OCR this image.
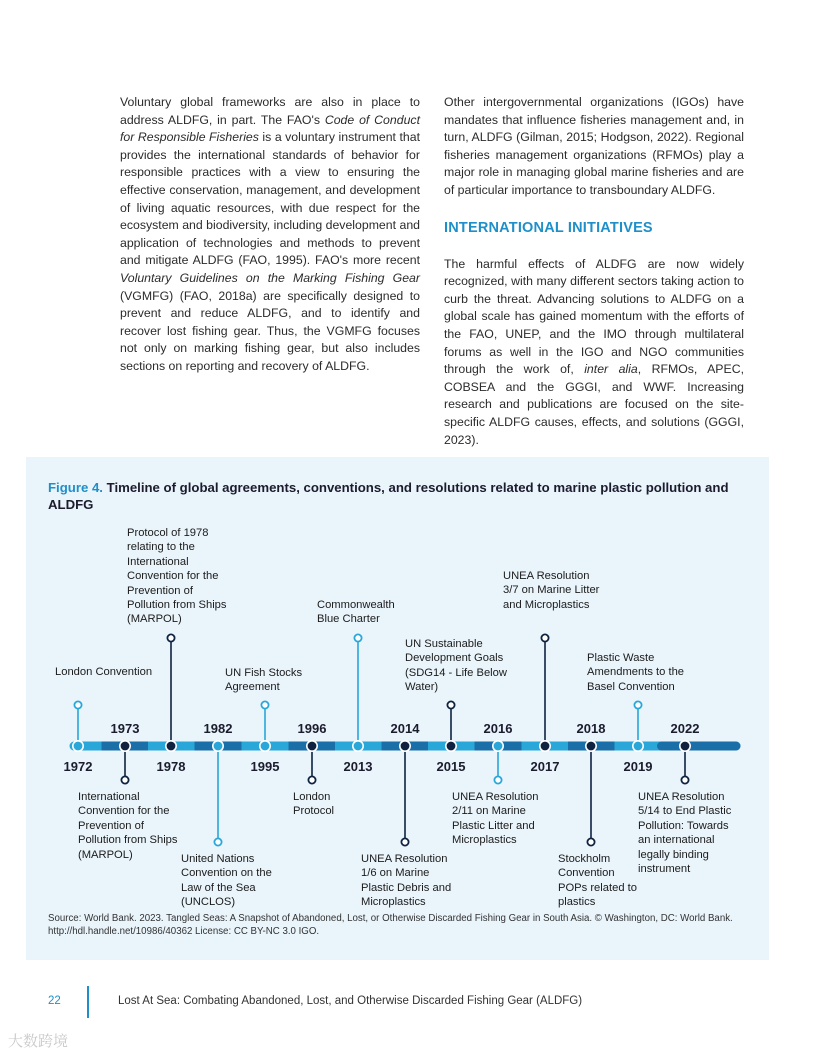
Voluntary global frameworks are also in place to address ALDFG, in part. The FAO's Code of Conduct for Responsible Fisheries is a voluntary instrument that provides the international standards of behavior for responsible practices with a view to ensuring the effective conservation, management, and development of living aquatic resources, with due respect for the ecosystem and biodiversity, including development and application of technologies and methods to prevent and mitigate ALDFG (FAO, 1995). FAO's more recent Voluntary Guidelines on the Marking Fishing Gear (VGMFG) (FAO, 2018a) are specifically designed to prevent and reduce ALDFG, and to identify and recover lost fishing gear. Thus, the VGMFG focuses not only on marking fishing gear, but also includes sections on reporting and recovery of ALDFG.

Other intergovernmental organizations (IGOs) have mandates that influence fisheries management and, in turn, ALDFG (Gilman, 2015; Hodgson, 2022). Regional fisheries management organizations (RFMOs) play a major role in managing global marine fisheries and are of particular importance to transboundary ALDFG.

INTERNATIONAL INITIATIVES

The harmful effects of ALDFG are now widely recognized, with many different sectors taking action to curb the threat. Advancing solutions to ALDFG on a global scale has gained momentum with the efforts of the FAO, UNEP, and the IMO through multilateral forums as well in the IGO and NGO communities through the work of, inter alia, RFMOs, APEC, COBSEA and the GGGI, and WWF. Increasing research and publications are focused on the site-specific ALDFG causes, effects, and solutions (GGGI, 2023).

Figure 4. Timeline of global agreements, conventions, and resolutions related to marine plastic pollution and ALDFG
1972
London Convention
1973
International Convention for the Prevention of Pollution from Ships (MARPOL)
1978
Protocol of 1978 relating to the International Convention for the Prevention of Pollution from Ships (MARPOL)
1982
United Nations Convention on the Law of the Sea (UNCLOS)
1995
UN Fish Stocks Agreement
1996
London Protocol
2013
Commonwealth Blue Charter
2014
UNEA Resolution 1/6 on Marine Plastic Debris and Microplastics
2015
UN Sustainable Development Goals (SDG14 - Life Below Water)
2016
UNEA Resolution 2/11 on Marine Plastic Litter and Microplastics
2017
UNEA Resolution 3/7 on Marine Litter and Microplastics
2018
Stockholm Convention POPs related to plastics
2019
Plastic Waste Amendments to the Basel Convention
2022
UNEA Resolution 5/14 to End Plastic Pollution: Towards an international legally binding instrument
Source: World Bank. 2023. Tangled Seas: A Snapshot of Abandoned, Lost, or Otherwise Discarded Fishing Gear in South Asia. © Washington, DC: World Bank. http://hdl.handle.net/10986/40362 License: CC BY-NC 3.0 IGO.
22	Lost At Sea: Combating Abandoned, Lost, and Otherwise Discarded Fishing Gear (ALDFG)
大数跨境
